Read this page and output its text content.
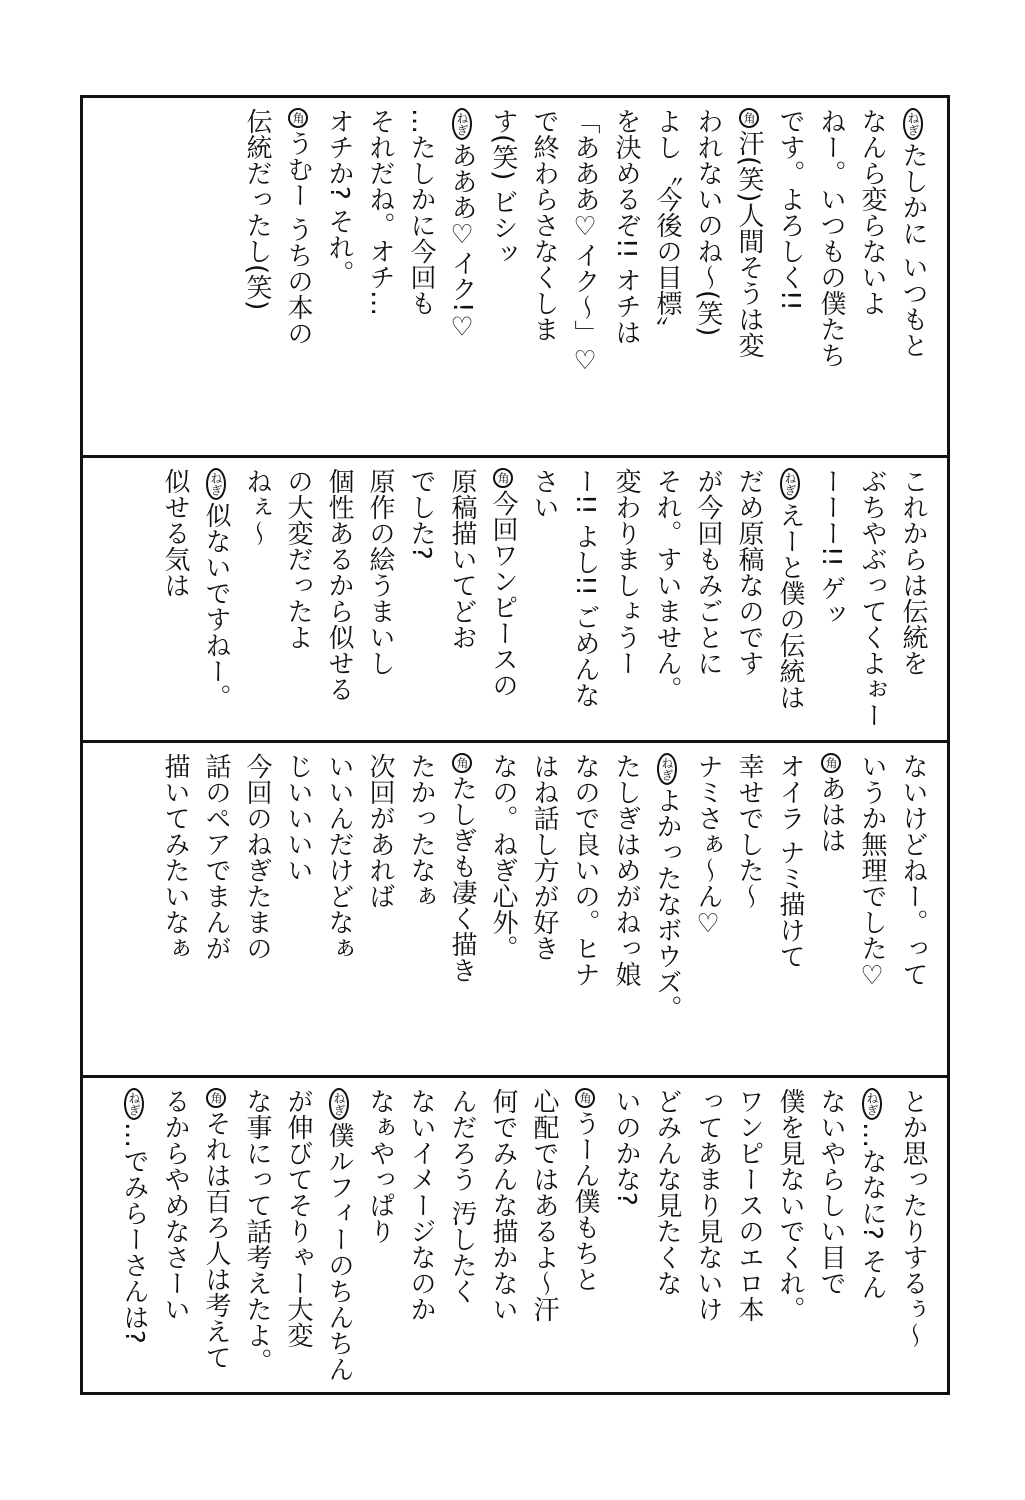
ねぎたしかに いつもと
なんら変らないよ
ねー。いつもの僕たち
です。よろしく!!
角汗(笑)人間そうは変
われないのね〜(笑)
よし〝今後の目標〟
を決めるぞ!! オチは
「あああ♡イク〜」♡
で終わらさなくしま
す(笑) ビシッ
ねぎあああ♡イク!♡
…たしかに今回も
それだね。オチ…
オチか? それ。
角うむー うちの本の
伝統だったし(笑)
これからは伝統を
ぶちやぶってくよぉー
ーーー!! ゲッ
ねぎえーと僕の伝統は
だめ原稿なのです
が今回もみごとに
それ。すいません。
変わりましょうー
ー!! よし!! ごめんなさい
角今回ワンピースの
原稿描いてどお
でした?
原作の絵うまいし
個性あるから似せる
の大変だったよ
ねぇ〜
ねぎ似ないですねー。
似せる気は
ないけどねー。って
いうか無理でした♡
角あはは
オイラ ナミ描けて
幸せでした〜
ナミさぁ〜ん♡
ねぎよかったなボウズ。
たしぎはめがねっ娘
なので良いの。ヒナ
はね話し方が好き
なの。ねぎ心外。
角たしぎも凄く描き
たかったなぁ
次回があれば
いいんだけどなぁ
じいいいい
今回のねぎたまの
話のペアでまんが
描いてみたいなぁ
とか思ったりするぅ〜
ねぎ…ななに? そん
ないやらしい目で
僕を見ないでくれ。
ワンピースのエロ本
ってあまり見ないけ
どみんな見たくな
いのかな?
角うーん僕もちと
心配ではあるよ〜汗
何でみんな描かない
んだろう 汚したく
ないイメージなのか
なぁやっぱり
ねぎ僕ルフィーのちんちん
が伸びてそりゃー大変
な事にって話考えたよ。
角それは百ろ人は考えて
るからやめなさーい
ねぎ…でみらーさんは?
